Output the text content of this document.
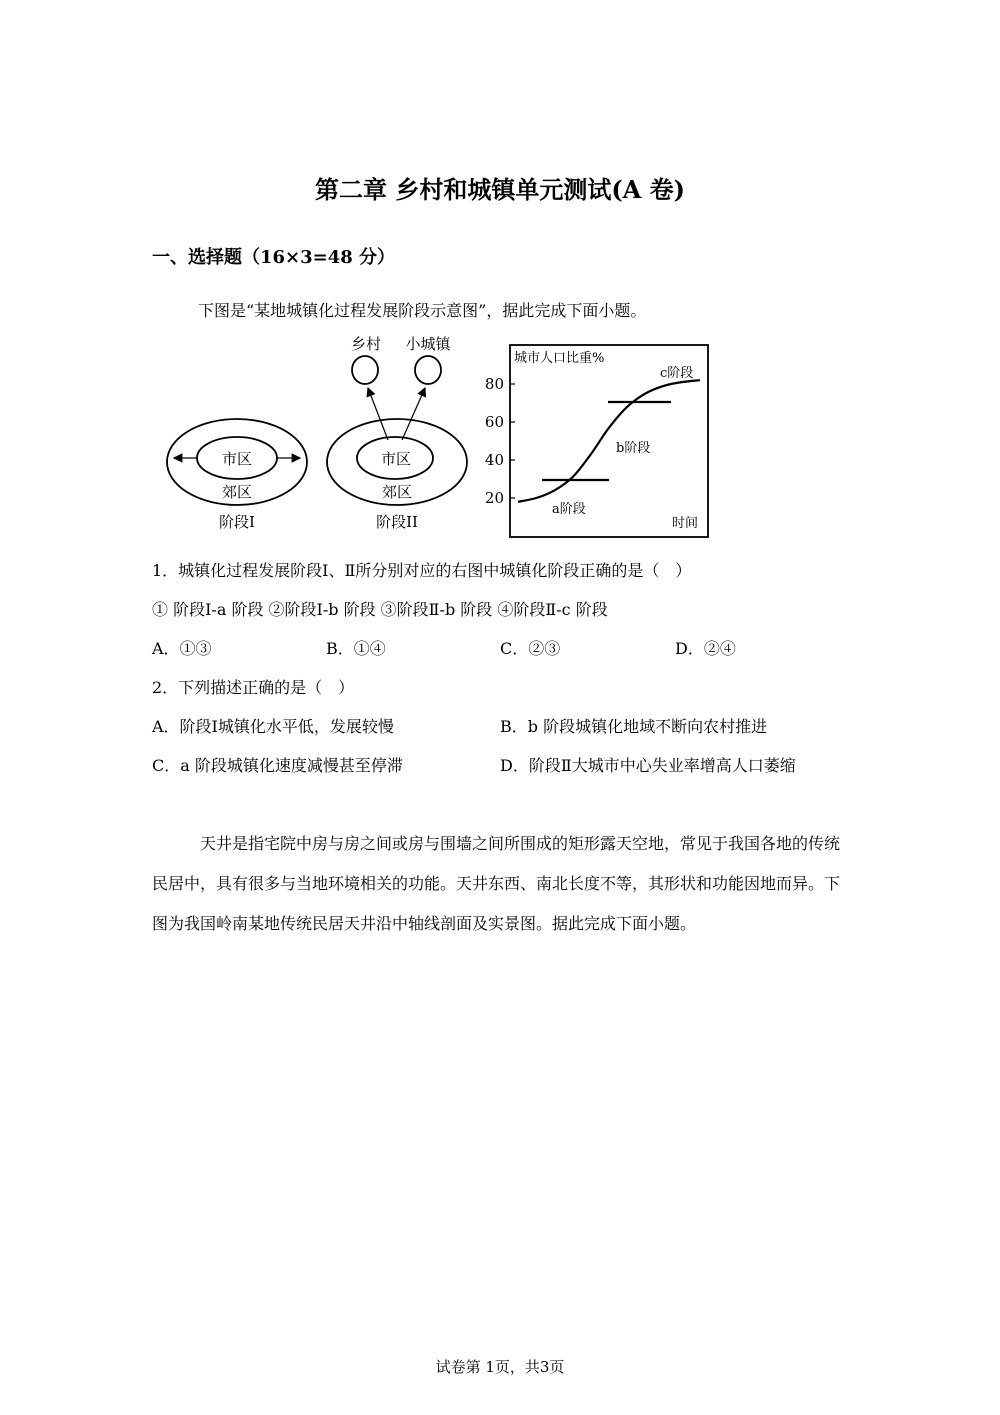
第二章 乡村和城镇单元测试(A 卷)
一、选择题（16×3=48 分）
下图是“某地城镇化过程发展阶段示意图”，据此完成下面小题。
市区
郊区
阶段I
乡村 小城镇
市区
郊区
阶段II
城市人口比重%
时间
80
60
40
20
a阶段
b阶段
c阶段
1．城镇化过程发展阶段Ⅰ、Ⅱ所分别对应的右图中城镇化阶段正确的是（　）
① 阶段Ⅰ-a 阶段 ②阶段Ⅰ-b 阶段 ③阶段Ⅱ-b 阶段 ④阶段Ⅱ-c 阶段
A．①③	B．①④	C．②③	D．②④
2．下列描述正确的是（　）
A．阶段Ⅰ城镇化水平低，发展较慢	B．b 阶段城镇化地域不断向农村推进
C．a 阶段城镇化速度减慢甚至停滞	D．阶段Ⅱ大城市中心失业率增高人口萎缩
天井是指宅院中房与房之间或房与围墙之间所围成的矩形露天空地，常见于我国各地的传统民居中，具有很多与当地环境相关的功能。天井东西、南北长度不等，其形状和功能因地而异。下图为我国岭南某地传统民居天井沿中轴线剖面及实景图。据此完成下面小题。
试卷第 1页，共3页
